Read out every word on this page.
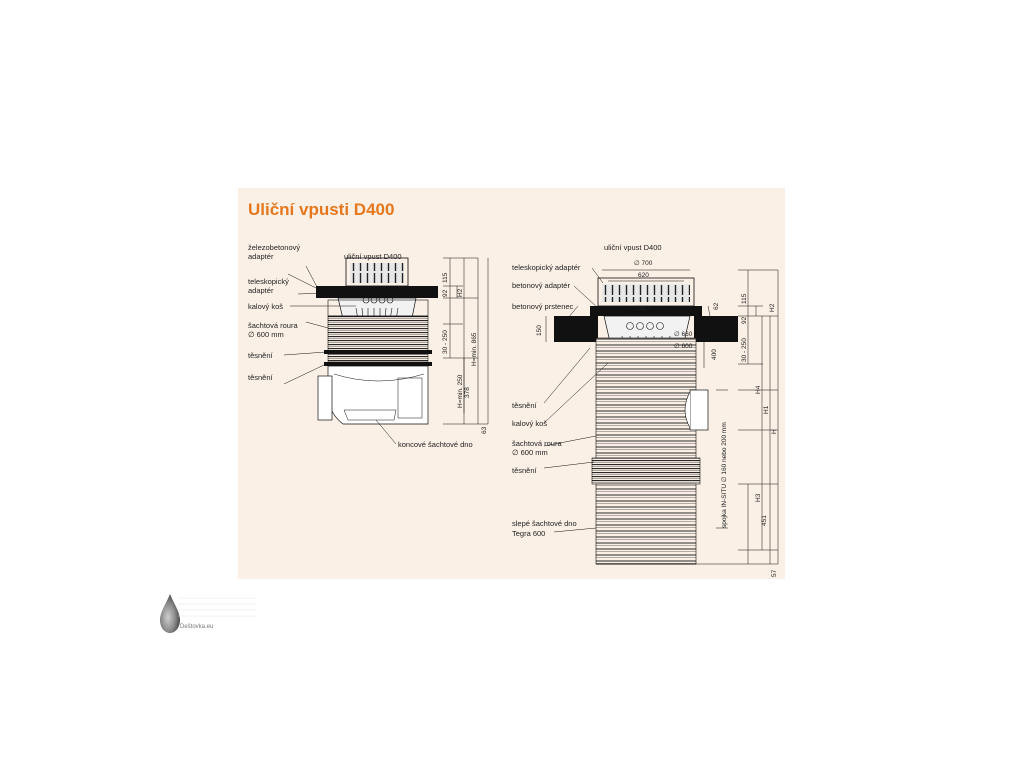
Uliční vpusti D400
uliční vpust D400
železobetonový
adaptér
teleskopický
adaptér
kalový koš
šachtová roura
∅ 600 mm
těsnění
těsnění
koncové šachtové dno
115
H2
92
30 - 250	H=min. 865
H=min. 250 378
63
uliční vpust D400
teleskopický adaptér
betonový adaptér
betonový prstenec
těsnění
kalový koš
šachtová roura
∅ 600 mm
těsnění
slepé šachtové dno
Tegra 600
∅ 700
620
380	62
150	∅ 660
∅ 600
400
115
H2
92
30 - 250
H4
H1
H
H3
451
57
spojka IN-SITU ∅ 160 nebo 200 mm
Deštovka.eu
